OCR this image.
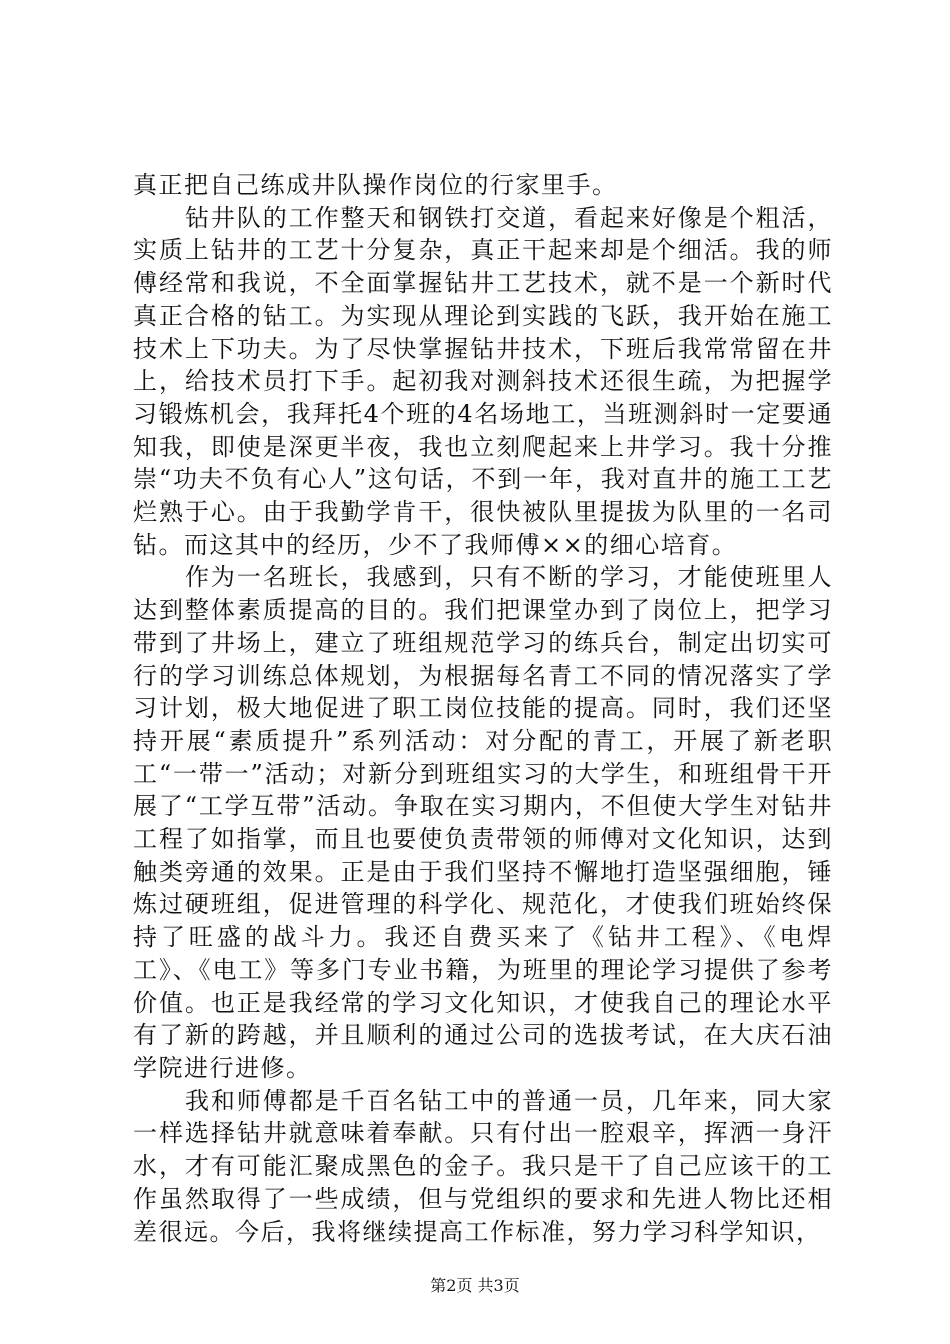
真正把自己练成井队操作岗位的行家里手。

钻井队的工作整天和钢铁打交道，看起来好像是个粗活，实质上钻井的工艺十分复杂，真正干起来却是个细活。我的师傅经常和我说，不全面掌握钻井工艺技术，就不是一个新时代真正合格的钻工。为实现从理论到实践的飞跃，我开始在施工技术上下功夫。为了尽快掌握钻井技术，下班后我常常留在井上，给技术员打下手。起初我对测斜技术还很生疏，为把握学习锻炼机会，我拜托4个班的4名场地工，当班测斜时一定要通知我，即使是深更半夜，我也立刻爬起来上井学习。我十分推崇“功夫不负有心人”这句话，不到一年，我对直井的施工工艺烂熟于心。由于我勤学肯干，很快被队里提拔为队里的一名司钻。而这其中的经历，少不了我师傅××的细心培育。

作为一名班长，我感到，只有不断的学习，才能使班里人达到整体素质提高的目的。我们把课堂办到了岗位上，把学习带到了井场上，建立了班组规范学习的练兵台，制定出切实可行的学习训练总体规划，为根据每名青工不同的情况落实了学习计划，极大地促进了职工岗位技能的提高。同时，我们还坚持开展“素质提升”系列活动：对分配的青工，开展了新老职工“一带一”活动；对新分到班组实习的大学生，和班组骨干开展了“工学互带”活动。争取在实习期内，不但使大学生对钻井工程了如指掌，而且也要使负责带领的师傅对文化知识，达到触类旁通的效果。正是由于我们坚持不懈地打造坚强细胞，锤炼过硬班组，促进管理的科学化、规范化，才使我们班始终保持了旺盛的战斗力。我还自费买来了《钻井工程》、《电焊工》、《电工》等多门专业书籍，为班里的理论学习提供了参考价值。也正是我经常的学习文化知识，才使我自己的理论水平有了新的跨越，并且顺利的通过公司的选拔考试，在大庆石油学院进行进修。

我和师傅都是千百名钻工中的普通一员，几年来，同大家一样选择钻井就意味着奉献。只有付出一腔艰辛，挥洒一身汗水，才有可能汇聚成黑色的金子。我只是干了自己应该干的工作虽然取得了一些成绩，但与党组织的要求和先进人物比还相差很远。今后，我将继续提高工作标准，努力学习科学知识，

第2页 共3页
